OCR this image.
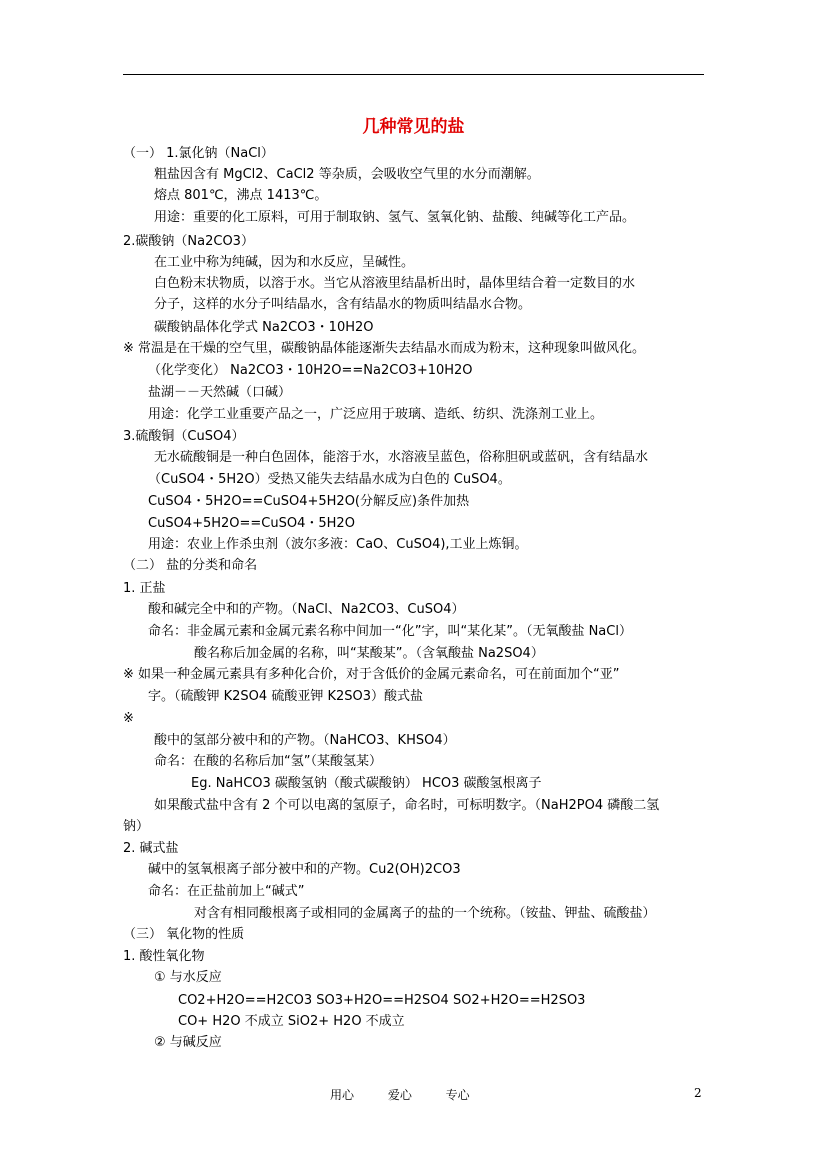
几种常见的盐
（一） 1.氯化钠（NaCl）
粗盐因含有 MgCl2、CaCl2 等杂质，会吸收空气里的水分而潮解。
熔点 801℃，沸点 1413℃。
用途：重要的化工原料，可用于制取钠、氢气、氢氧化钠、盐酸、纯碱等化工产品。
2.碳酸钠（Na2CO3）
在工业中称为纯碱，因为和水反应，呈碱性。
白色粉末状物质，以溶于水。当它从溶液里结晶析出时，晶体里结合着一定数目的水
分子，这样的水分子叫结晶水，含有结晶水的物质叫结晶水合物。
碳酸钠晶体化学式 Na2CO3・10H2O
※ 常温是在干燥的空气里，碳酸钠晶体能逐渐失去结晶水而成为粉末，这种现象叫做风化。
（化学变化） Na2CO3・10H2O==Na2CO3+10H2O
盐湖－－天然碱（口碱）
用途：化学工业重要产品之一，广泛应用于玻璃、造纸、纺织、洗涤剂工业上。
3.硫酸铜（CuSO4）
无水硫酸铜是一种白色固体，能溶于水，水溶液呈蓝色，俗称胆矾或蓝矾，含有结晶水
（CuSO4・5H2O）受热又能失去结晶水成为白色的 CuSO4。
CuSO4・5H2O==CuSO4+5H2O(分解反应)条件加热
CuSO4+5H2O==CuSO4・5H2O
用途：农业上作杀虫剂（波尔多液：CaO、CuSO4),工业上炼铜。
（二） 盐的分类和命名
1. 正盐
酸和碱完全中和的产物。（NaCl、Na2CO3、CuSO4）
命名：非金属元素和金属元素名称中间加一“化”字，叫“某化某”。（无氧酸盐 NaCl）
酸名称后加金属的名称，叫“某酸某”。（含氧酸盐 Na2SO4）
※ 如果一种金属元素具有多种化合价，对于含低价的金属元素命名，可在前面加个“亚”
字。（硫酸钾 K2SO4 硫酸亚钾 K2SO3）酸式盐
※
酸中的氢部分被中和的产物。（NaHCO3、KHSO4）
命名：在酸的名称后加“氢”（某酸氢某）
Eg. NaHCO3 碳酸氢钠（酸式碳酸钠） HCO3 碳酸氢根离子
如果酸式盐中含有 2 个可以电离的氢原子，命名时，可标明数字。（NaH2PO4 磷酸二氢
钠）
2. 碱式盐
碱中的氢氧根离子部分被中和的产物。Cu2(OH)2CO3
命名：在正盐前加上“碱式”
对含有相同酸根离子或相同的金属离子的盐的一个统称。（铵盐、钾盐、硫酸盐）
（三） 氧化物的性质
1. 酸性氧化物
① 与水反应
CO2+H2O==H2CO3 SO3+H2O==H2SO4 SO2+H2O==H2SO3
CO+ H2O 不成立 SiO2+ H2O 不成立
② 与碱反应
用心 爱心 专心	2
